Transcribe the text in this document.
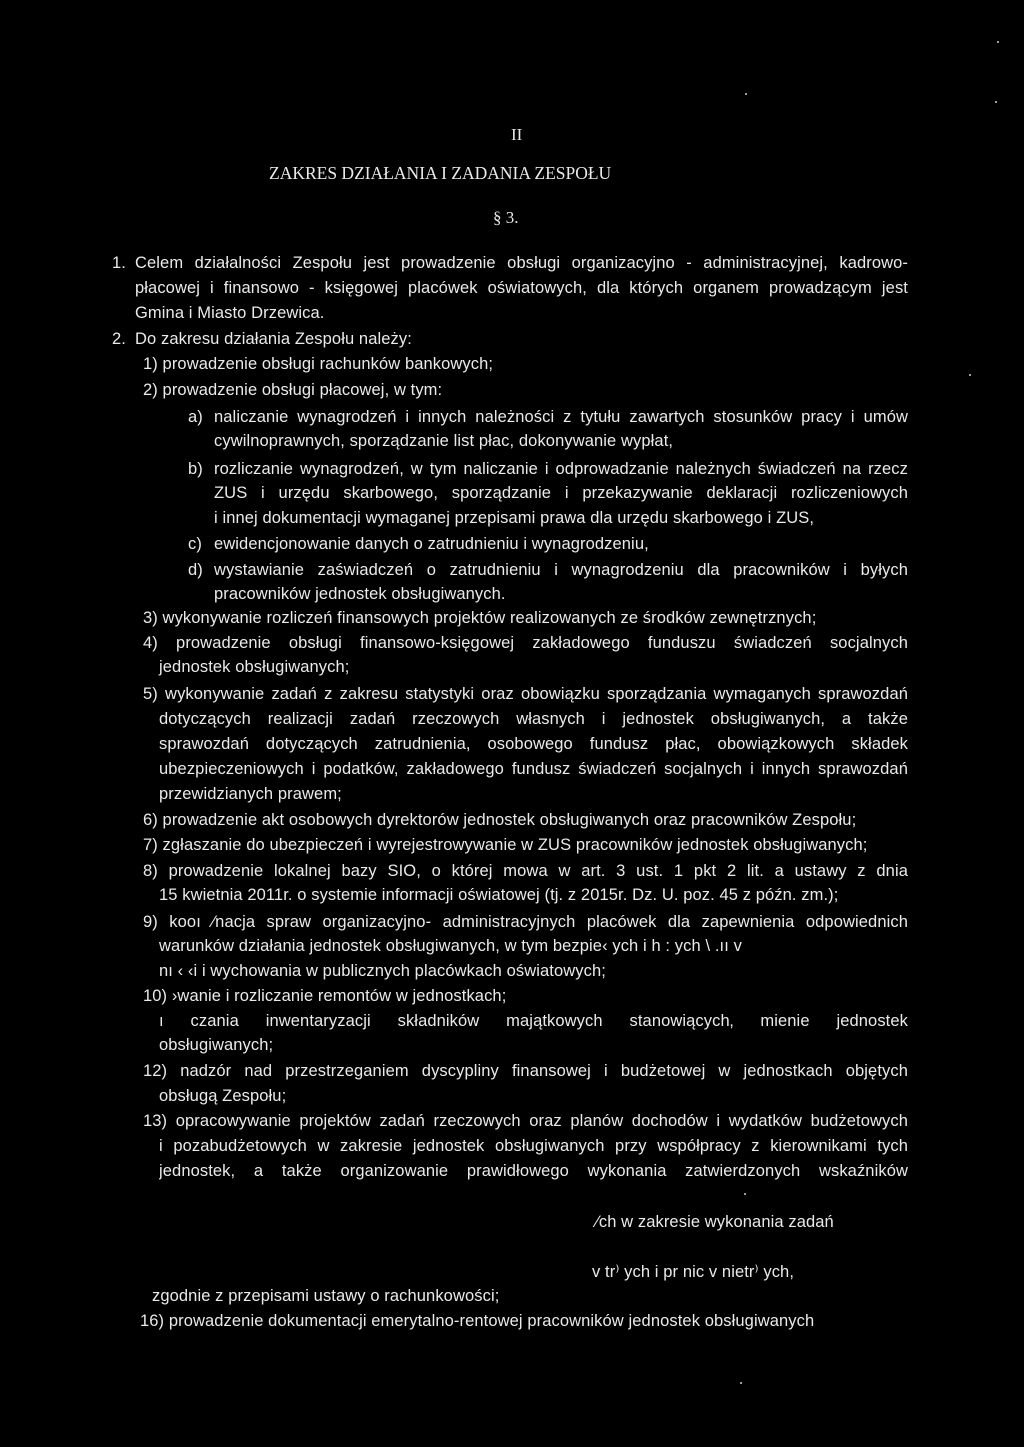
II
ZAKRES DZIAŁANIA I ZADANIA ZESPOŁU
§ 3.
1. Celem działalności Zespołu jest prowadzenie obsługi organizacyjno - administracyjnej, kadrowo-
płacowej i finansowo - księgowej placówek oświatowych, dla których organem prowadzącym jest
Gmina i Miasto Drzewica.
2. Do zakresu działania Zespołu należy:
1) prowadzenie obsługi rachunków bankowych;
2) prowadzenie obsługi płacowej, w tym:
a) naliczanie wynagrodzeń i innych należności z tytułu zawartych stosunków pracy i umów
cywilnoprawnych, sporządzanie list płac, dokonywanie wypłat,
b) rozliczanie wynagrodzeń, w tym naliczanie i odprowadzanie należnych świadczeń na rzecz
ZUS i urzędu skarbowego, sporządzanie i przekazywanie deklaracji rozliczeniowych
i innej dokumentacji wymaganej przepisami prawa dla urzędu skarbowego i ZUS,
c) ewidencjonowanie danych o zatrudnieniu i wynagrodzeniu,
d) wystawianie zaświadczeń o zatrudnieniu i wynagrodzeniu dla pracowników i byłych
pracowników jednostek obsługiwanych.
3) wykonywanie rozliczeń finansowych projektów realizowanych ze środków zewnętrznych;
4) prowadzenie obsługi finansowo-księgowej zakładowego funduszu świadczeń socjalnych
jednostek obsługiwanych;
5) wykonywanie zadań z zakresu statystyki oraz obowiązku sporządzania wymaganych sprawozdań
dotyczących realizacji zadań rzeczowych własnych i jednostek obsługiwanych, a także
sprawozdań dotyczących zatrudnienia, osobowego fundusz płac, obowiązkowych składek
ubezpieczeniowych i podatków, zakładowego fundusz świadczeń socjalnych i innych sprawozdań
przewidzianych prawem;
6) prowadzenie akt osobowych dyrektorów jednostek obsługiwanych oraz pracowników Zespołu;
7) zgłaszanie do ubezpieczeń i wyrejestrowywanie w ZUS pracowników jednostek obsługiwanych;
8) prowadzenie lokalnej bazy SIO, o której mowa w art. 3 ust. 1 pkt 2 lit. a ustawy z dnia
15 kwietnia 2011r. o systemie informacji oświatowej (tj. z 2015r. Dz. U. poz. 45 z późn. zm.);
9) kooı ⁄nacja spraw organizacyjno- administracyjnych placówek dla zapewnienia odpowiednich
warunków działania jednostek obsługiwanych, w tym bezpie‹ ych i h : ych \ .ıı v
nı ‹ ‹i i wychowania w publicznych placówkach oświatowych;
10) ›wanie i rozliczanie remontów w jednostkach;
ı czania inwentaryzacji składników majątkowych stanowiących‚ mienie jednostek
obsługiwanych;
12) nadzór nad przestrzeganiem dyscypliny finansowej i budżetowej w jednostkach objętych
obsługą Zespołu;
13) opracowywanie projektów zadań rzeczowych oraz planów dochodów i wydatków budżetowych
i pozabudżetowych w zakresie jednostek obsługiwanych przy współpracy z kierownikami tych
jednostek, a także organizowanie prawidłowego wykonania zatwierdzonych wskaźników
⁄ch w zakresie wykonania zadań
v tr⁾ ych i pr nic v nietr⁾ ych,
zgodnie z przepisami ustawy o rachunkowości;
16) prowadzenie dokumentacji emerytalno-rentowej pracowników jednostek obsługiwanych
